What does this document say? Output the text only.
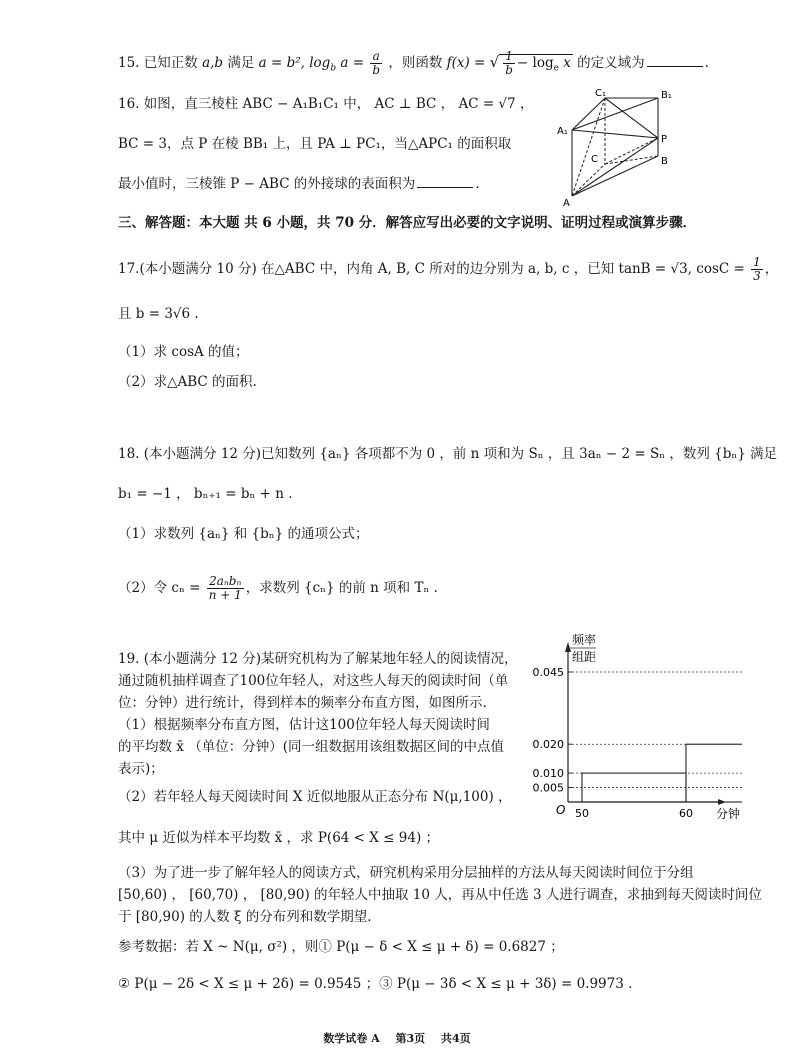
15. 已知正数 a,b 满足 a = b², $\log_b a = \frac{a}{b}$ ，则函数 f(x) = √ $\frac{1}{b} - \log_e x$ 的定义域为	.
16. 如图，直三棱柱 ABC − A₁B₁C₁ 中， AC ⊥ BC ， AC = √7 ，
BC = 3，点 P 在棱 BB₁ 上，且 PA ⊥ PC₁，当△APC₁ 的面积取
最小值时，三棱锥 P − ABC 的外接球的表面积为	.
C₁	B₁
A₁
P
C	B
A
三、解答题：本大题 共 6 小题，共 70 分．解答应写出必要的文字说明、证明过程或演算步骤．
17.(本小题满分 10 分) 在△ABC 中，内角 A, B, C 所对的边分别为 a, b, c ，已知 tanB = √3, $\cos C = \frac{1}{3}$ ，
且 b = 3√6 .
（1）求 cosA 的值；
（2）求△ABC 的面积.
18. (本小题满分 12 分)已知数列 {aₙ} 各项都不为 0 ，前 n 项和为 Sₙ ，且 3aₙ − 2 = Sₙ ，数列 {bₙ} 满足
b₁ = −1 ， bₙ₊₁ = bₙ + n .
（1）求数列 {aₙ} 和 {bₙ} 的通项公式；
（2）令 $c_n = \frac{\text{2aₙbₙ}}{n + 1}$ ，求数列 {cₙ} 的前 n 项和 Tₙ .
19. (本小题满分 12 分)某研究机构为了解某地年轻人的阅读情况，
通过随机抽样调查了100位年轻人，对这些人每天的阅读时间（单
位：分钟）进行统计，得到样本的频率分布直方图，如图所示．
（1）根据频率分布直方图，估计这100位年轻人每天阅读时间
的平均数 x̄ （单位：分钟）(同一组数据用该组数据区间的中点值
表示)；
（2）若年轻人每天阅读时间 X 近似地服从正态分布 N(μ,100) ，
其中 μ 近似为样本平均数 x̄ ，求 P(64 < X ≤ 94) ；
（3）为了进一步了解年轻人的阅读方式，研究机构采用分层抽样的方法从每天阅读时间位于分组
[50,60) ， [60,70) ， [80,90) 的年轻人中抽取 10 人，再从中任选 3 人进行调查，求抽到每天阅读时间位
于 [80,90) 的人数 ξ 的分布列和数学期望．
参考数据：若 X ~ N(μ, σ²) ，则① P(μ − δ < X ≤ μ + δ) = 0.6827 ；
② P(μ − 2δ < X ≤ μ + 2δ) = 0.9545 ；③ P(μ − 3δ < X ≤ μ + 3δ) = 0.9973 .
频率
组距
0.005
0.010
0.020
0.045
50	60 分钟
O
数学试卷 A 第3页 共4页
